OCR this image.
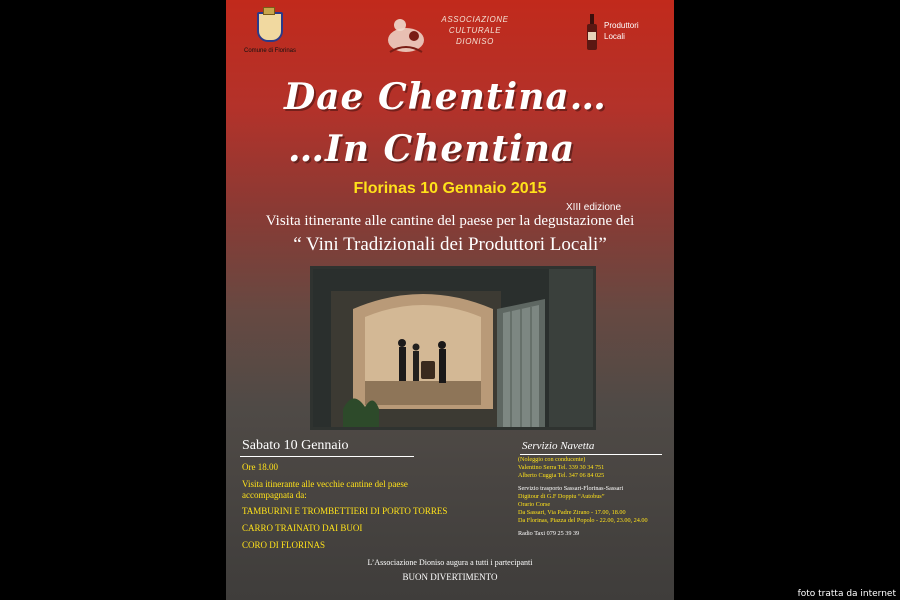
Comune di Florinas
ASSOCIAZIONE
CULTURALE
DIONISO
Produttori
Locali
Dae Chentina…
…In Chentina
Florinas 10 Gennaio 2015
XIII edizione
Visita itinerante alle cantine del paese per la degustazione dei
“ Vini Tradizionali dei Produttori Locali”
Sabato 10 Gennaio
Ore 18.00
Visita itinerante alle vecchie cantine del paese
accompagnata da:
TAMBURINI E TROMBETTIERI DI PORTO TORRES
CARRO TRAINATO DAI BUOI
CORO DI FLORINAS
Servizio Navetta
(Noleggio con conducente)
Valentino Serra Tel. 339 30 34 751
Alberto Cuggia Tel. 347 06 84 025
Servizio trasporto Sassari-Florinas-Sassari
Digitour di G.F Doppiu “Autobus”
Orario Corse
Da Sassari, Via Padre Zirano - 17.00, 18.00
Da Florinas, Piazza del Popolo - 22.00, 23.00, 24.00
Radio Taxi 079 25 39 39
L’Associazione Dioniso augura a tutti i partecipanti
BUON DIVERTIMENTO
foto tratta da internet
